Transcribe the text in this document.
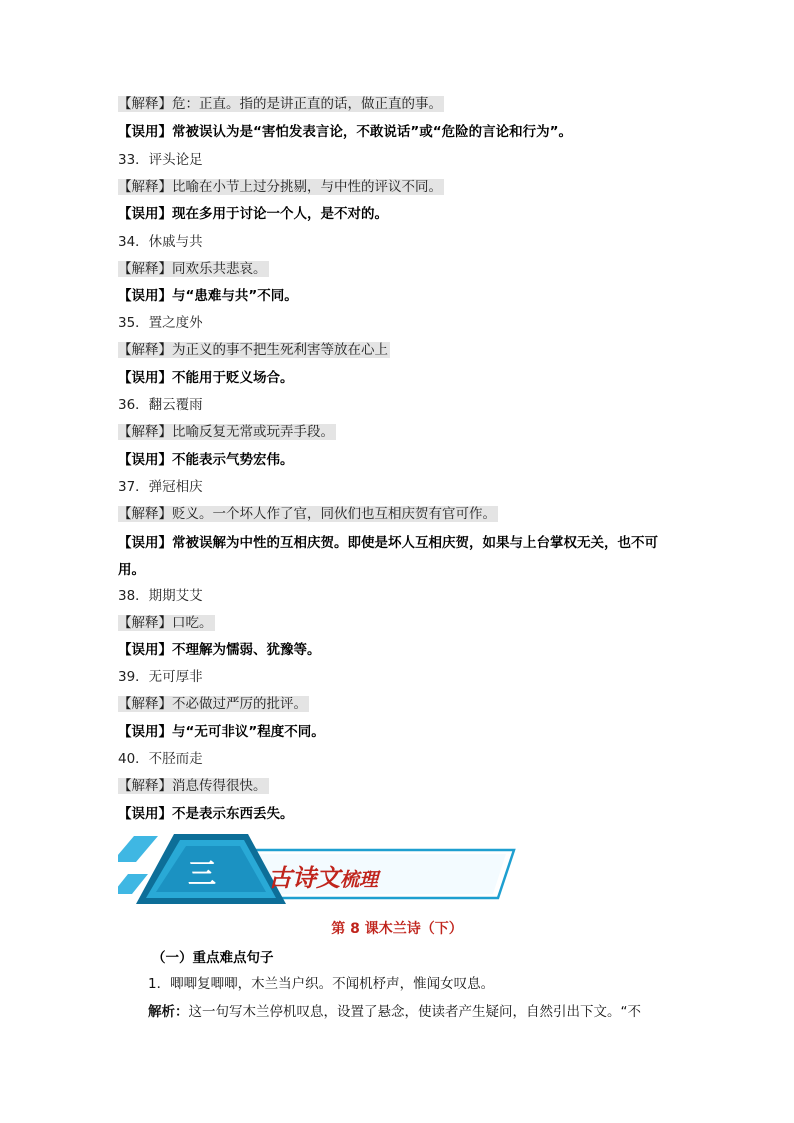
【解释】危：正直。指的是讲正直的话，做正直的事。
【误用】常被误认为是“害怕发表言论，不敢说话”或“危险的言论和行为”。
33．评头论足
【解释】比喻在小节上过分挑剔，与中性的评议不同。
【误用】现在多用于讨论一个人，是不对的。
34．休戚与共
【解释】同欢乐共悲哀。
【误用】与“患难与共”不同。
35．置之度外
【解释】为正义的事不把生死利害等放在心上
【误用】不能用于贬义场合。
36．翻云覆雨
【解释】比喻反复无常或玩弄手段。
【误用】不能表示气势宏伟。
37．弹冠相庆
【解释】贬义。一个坏人作了官，同伙们也互相庆贺有官可作。
【误用】常被误解为中性的互相庆贺。即使是坏人互相庆贺，如果与上台掌权无关，也不可用。
38．期期艾艾
【解释】口吃。
【误用】不理解为懦弱、犹豫等。
39．无可厚非
【解释】不必做过严厉的批评。
【误用】与“无可非议”程度不同。
40．不胫而走
【解释】消息传得很快。
【误用】不是表示东西丢失。
三 古诗文梳理
第 8 课木兰诗（下）
（一）重点难点句子
1．唧唧复唧唧，木兰当户织。不闻机杼声，惟闻女叹息。
解析：这一句写木兰停机叹息，设置了悬念，使读者产生疑问，自然引出下文。“不
